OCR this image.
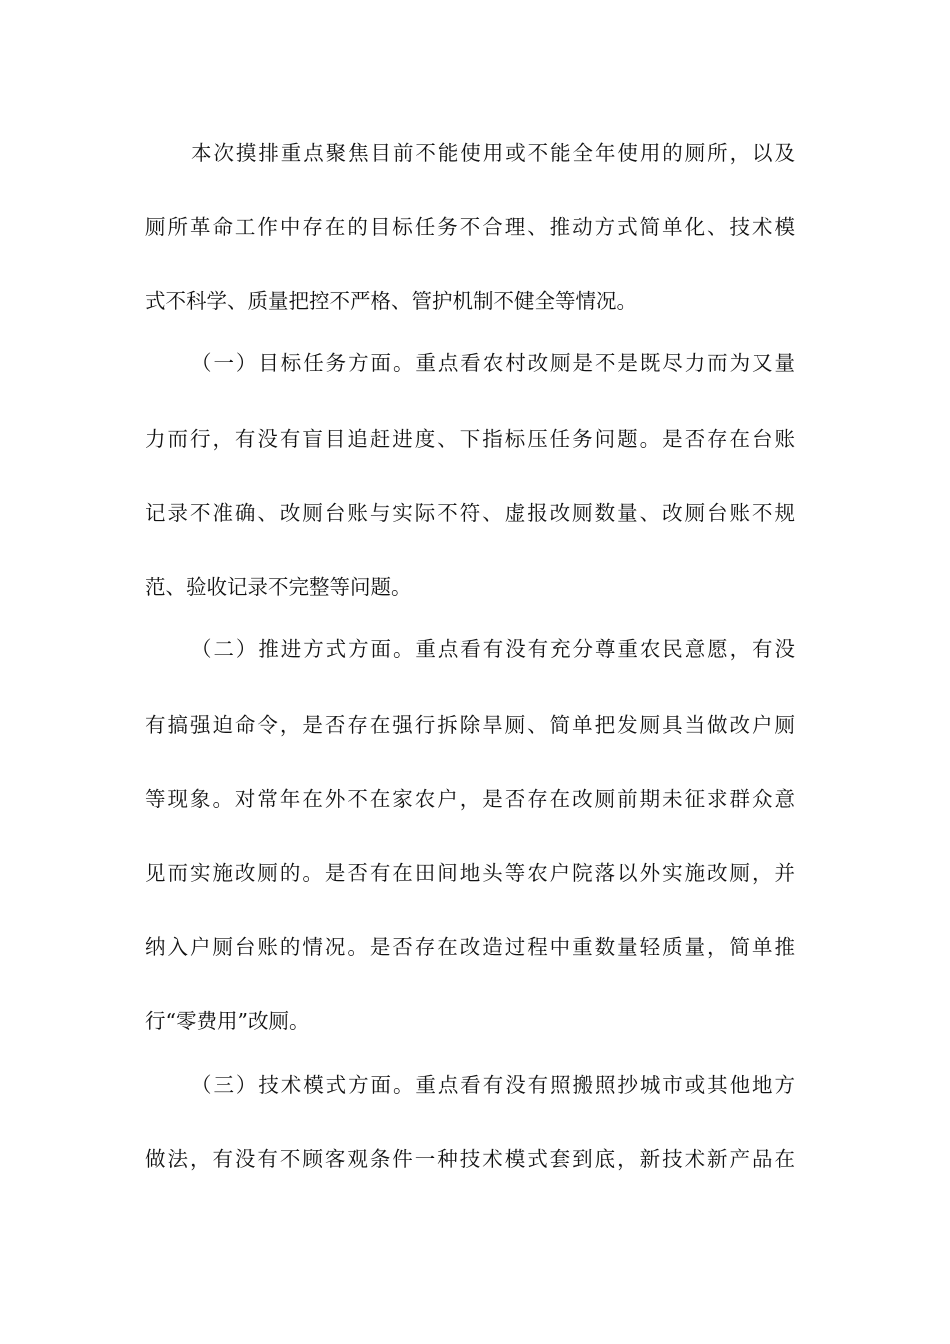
本次摸排重点聚焦目前不能使用或不能全年使用的厕所，以及
厕所革命工作中存在的目标任务不合理、推动方式简单化、技术模
式不科学、质量把控不严格、管护机制不健全等情况。
（一）目标任务方面。重点看农村改厕是不是既尽力而为又量
力而行，有没有盲目追赶进度、下指标压任务问题。是否存在台账
记录不准确、改厕台账与实际不符、虚报改厕数量、改厕台账不规
范、验收记录不完整等问题。
（二）推进方式方面。重点看有没有充分尊重农民意愿，有没
有搞强迫命令，是否存在强行拆除旱厕、简单把发厕具当做改户厕
等现象。对常年在外不在家农户，是否存在改厕前期未征求群众意
见而实施改厕的。是否有在田间地头等农户院落以外实施改厕，并
纳入户厕台账的情况。是否存在改造过程中重数量轻质量，简单推
行“零费用”改厕。
（三）技术模式方面。重点看有没有照搬照抄城市或其他地方
做法，有没有不顾客观条件一种技术模式套到底，新技术新产品在
